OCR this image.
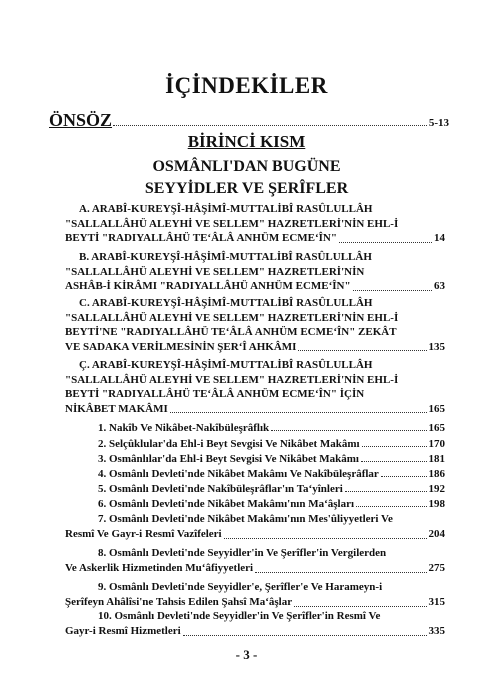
İÇİNDEKİLER
ÖNSÖZ	5-13
BİRİNCİ KISM
OSMÂNLI'DAN BUGÜNE
SEYYİDLER VE ŞERÎFLER
A. ARABÎ-KUREYŞÎ-HÂŞİMÎ-MUTTALİBÎ RASÛLULLÂH
"SALLALLÂHÜ ALEYHİ VE SELLEM" HAZRETLERİ'NİN EHL-İ
BEYTİ "RADIYALLÂHÜ TE‘ÂLÂ ANHÜM ECME‘ÎN"	14
B. ARABÎ-KUREYŞÎ-HÂŞİMÎ-MUTTALİBÎ RASÛLULLÂH
"SALLALLÂHÜ ALEYHİ VE SELLEM" HAZRETLERİ'NİN
ASHÂB-İ KİRÂMI "RADIYALLÂHÜ ANHÜM ECME‘ÎN"	63
C. ARABÎ-KUREYŞÎ-HÂŞİMÎ-MUTTALİBÎ RASÛLULLÂH
"SALLALLÂHÜ ALEYHİ VE SELLEM" HAZRETLERİ'NİN EHL-İ
BEYTİ'NE "RADIYALLÂHÜ TE‘ÂLÂ ANHÜM ECME‘ÎN" ZEKÂT
VE SADAKA VERİLMESİNİN ŞER‘Î AHKÂMI	135
Ç. ARABÎ-KUREYŞÎ-HÂŞİMÎ-MUTTALİBÎ RASÛLULLÂH
"SALLALLÂHÜ ALEYHİ VE SELLEM" HAZRETLERİ'NİN EHL-İ
BEYTİ "RADIYALLÂHÜ TE‘ÂLÂ ANHÜM ECME‘ÎN" İÇİN
NİKÂBET MAKÂMI	165
1. Nakîb Ve Nikâbet-Nakîbüleşrâflık	165
2. Selçûklular'da Ehl-i Beyt Sevgisi Ve Nikâbet Makâmı	170
3. Osmânlılar'da Ehl-i Beyt Sevgisi Ve Nikâbet Makâmı	181
4. Osmânlı Devleti'nde Nikâbet Makâmı Ve Nakîbüleşrâflar	186
5. Osmânlı Devleti'nde Nakîbüleşrâflar'ın Ta‘yînleri	192
6. Osmânlı Devleti'nde Nikâbet Makâmı'nın Ma‘âşları	198
7. Osmânlı Devleti'nde Nikâbet Makâmı'nın Mes'ûliyyetleri Ve
Resmî Ve Gayr-i Resmî Vazîfeleri	204
8. Osmânlı Devleti'nde Seyyidler'in Ve Şerîfler'in Vergilerden
Ve Askerlik Hizmetinden Mu‘âfiyyetleri	275
9. Osmânlı Devleti'nde Seyyidler'e, Şerîfler'e Ve Harameyn-i
Şerîfeyn Ahâlîsi'ne Tahsis Edilen Şahsî Ma‘âşlar	315
10. Osmânlı Devleti'nde Seyyidler'in Ve Şerîfler'in Resmî Ve
Gayr-i Resmî Hizmetleri	335
- 3 -
